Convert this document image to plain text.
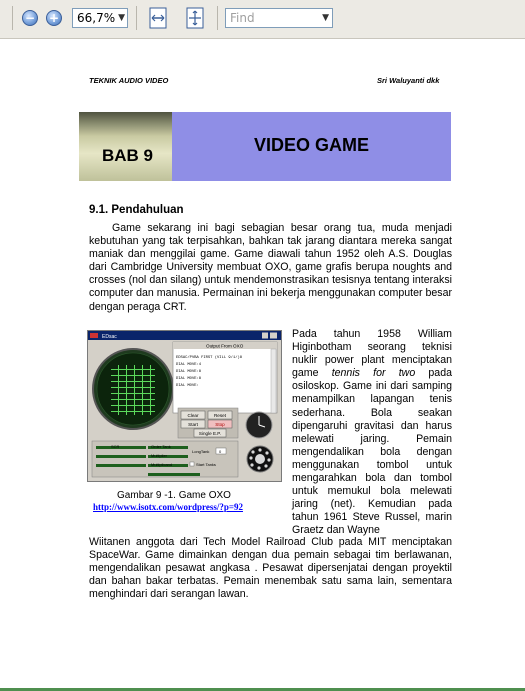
− +	66,7% ▼	Find	▼
TEKNIK AUDIO VIDEO	Sri Waluyanti dkk
BAB 9
VIDEO GAME
9.1. Pendahuluan

Game sekarang ini bagi sebagian besar orang tua, muda menjadi kebutuhan yang tak terpisahkan, bahkan tak jarang diantara mereka sangat maniak dan menggilai game. Game diawali tahun 1952 oleh A.S. Douglas dari Cambridge University membuat OXO, game grafis berupa noughts and crosses (nol dan silang) untuk mendemonstrasikan tesisnya tentang interaksi computer dan manusia. Permainan ini bekerja menggunakan computer besar dengan peraga CRT.

EDsac
Output From OXO
EDSAC/PVBA FIRST (VILL 9/1/)8
DIAL MOVE:4
DIAL MOVE:8
DIAL MOVE:8
DIAL MOVE:
Clear	Reset
Start	Stop
Single E.P.
SCR	Order Tank
Multiplier
Multiplicand
LongTank 0
Start Tanks
Gambar 9 -1. Game OXO
http://www.isotx.com/wordpress/?p=92

Pada tahun 1958 William Higinbotham seorang teknisi nuklir power plant menciptakan game tennis for two pada osiloskop. Game ini dari samping menampilkan lapangan tenis sederhana. Bola seakan dipengaruhi gravitasi dan harus melewati jaring. Pemain mengendalikan bola dengan menggunakan tombol untuk mengarahkan bola dan tombol untuk memukul bola melewati jaring (net). Kemudian pada tahun 1961 Steve Russel, marin Graetz dan Wayne

Wiitanen anggota dari Tech Model Railroad Club pada MIT menciptakan SpaceWar. Game dimainkan dengan dua pemain sebagai tim berlawanan, mengendalikan pesawat angkasa . Pesawat dipersenjatai dengan proyektil dan bahan bakar terbatas. Pemain menembak satu sama lain, sementara menghindari dari serangan lawan.
